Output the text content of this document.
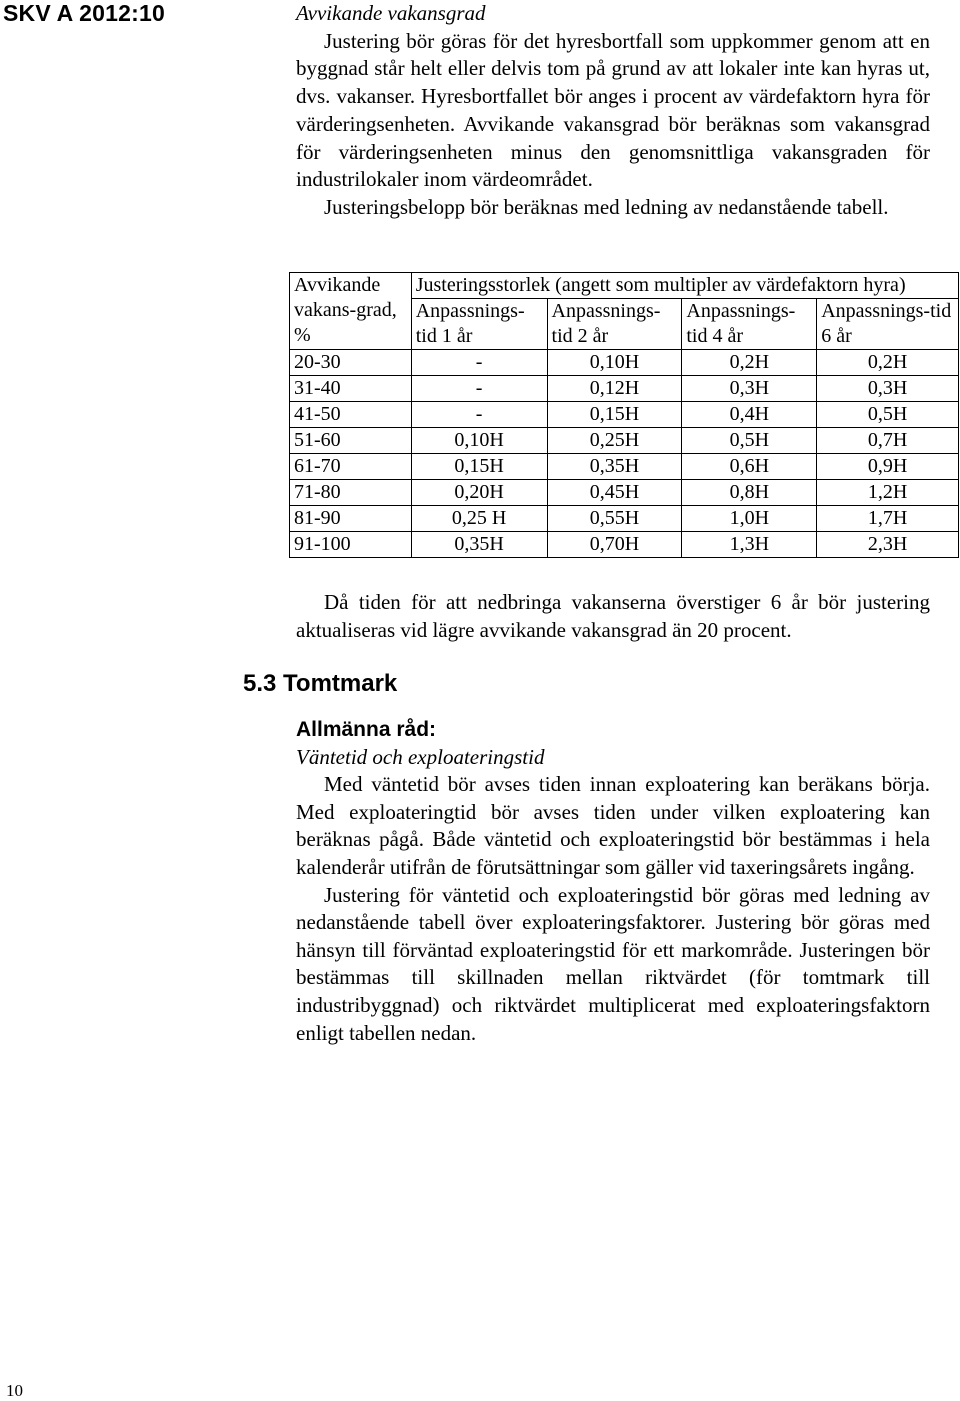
SKV A 2012:10	Avvikande vakansgrad

Justering bör göras för det hyresbortfall som uppkommer genom att en byggnad står helt eller delvis tom på grund av att lokaler inte kan hyras ut, dvs. vakanser. Hyresbortfallet bör anges i procent av värdefaktorn hyra för värderingsenheten. Avvikande vakansgrad bör beräknas som vakansgrad för värderingsenheten minus den genomsnittliga vakansgraden för industrilokaler inom värdeområdet.

Justeringsbelopp bör beräknas med ledning av nedanstående tabell.

Avvikande vakans-grad, %	Justeringsstorlek (angett som multipler av värdefaktorn hyra)			
	Anpassnings-tid 1 år	Anpassnings-tid 2 år	Anpassnings-tid 4 år	Anpassnings-tid 6 år
20-30	-	0,10H	0,2H	0,2H
31-40	-	0,12H	0,3H	0,3H
41-50	-	0,15H	0,4H	0,5H
51-60	0,10H	0,25H	0,5H	0,7H
61-70	0,15H	0,35H	0,6H	0,9H
71-80	0,20H	0,45H	0,8H	1,2H
81-90	0,25 H	0,55H	1,0H	1,7H
91-100	0,35H	0,70H	1,3H	2,3H

Då tiden för att nedbringa vakanserna överstiger 6 år bör justering aktualiseras vid lägre avvikande vakansgrad än 20 procent.

5.3 Tomtmark

Allmänna råd:

Väntetid och exploateringstid

Med väntetid bör avses tiden innan exploatering kan beräkans börja. Med exploateringtid bör avses tiden under vilken exploatering kan beräknas pågå. Både väntetid och exploateringstid bör bestämmas i hela kalenderår utifrån de förutsättningar som gäller vid taxeringsårets ingång.

Justering för väntetid och exploateringstid bör göras med ledning av nedanstående tabell över exploateringsfaktorer. Justering bör göras med hänsyn till förväntad exploateringstid för ett markområde. Justeringen bör bestämmas till skillnaden mellan riktvärdet (för tomtmark till industribyggnad) och riktvärdet multiplicerat med exploateringsfaktorn enligt tabellen nedan.

10
